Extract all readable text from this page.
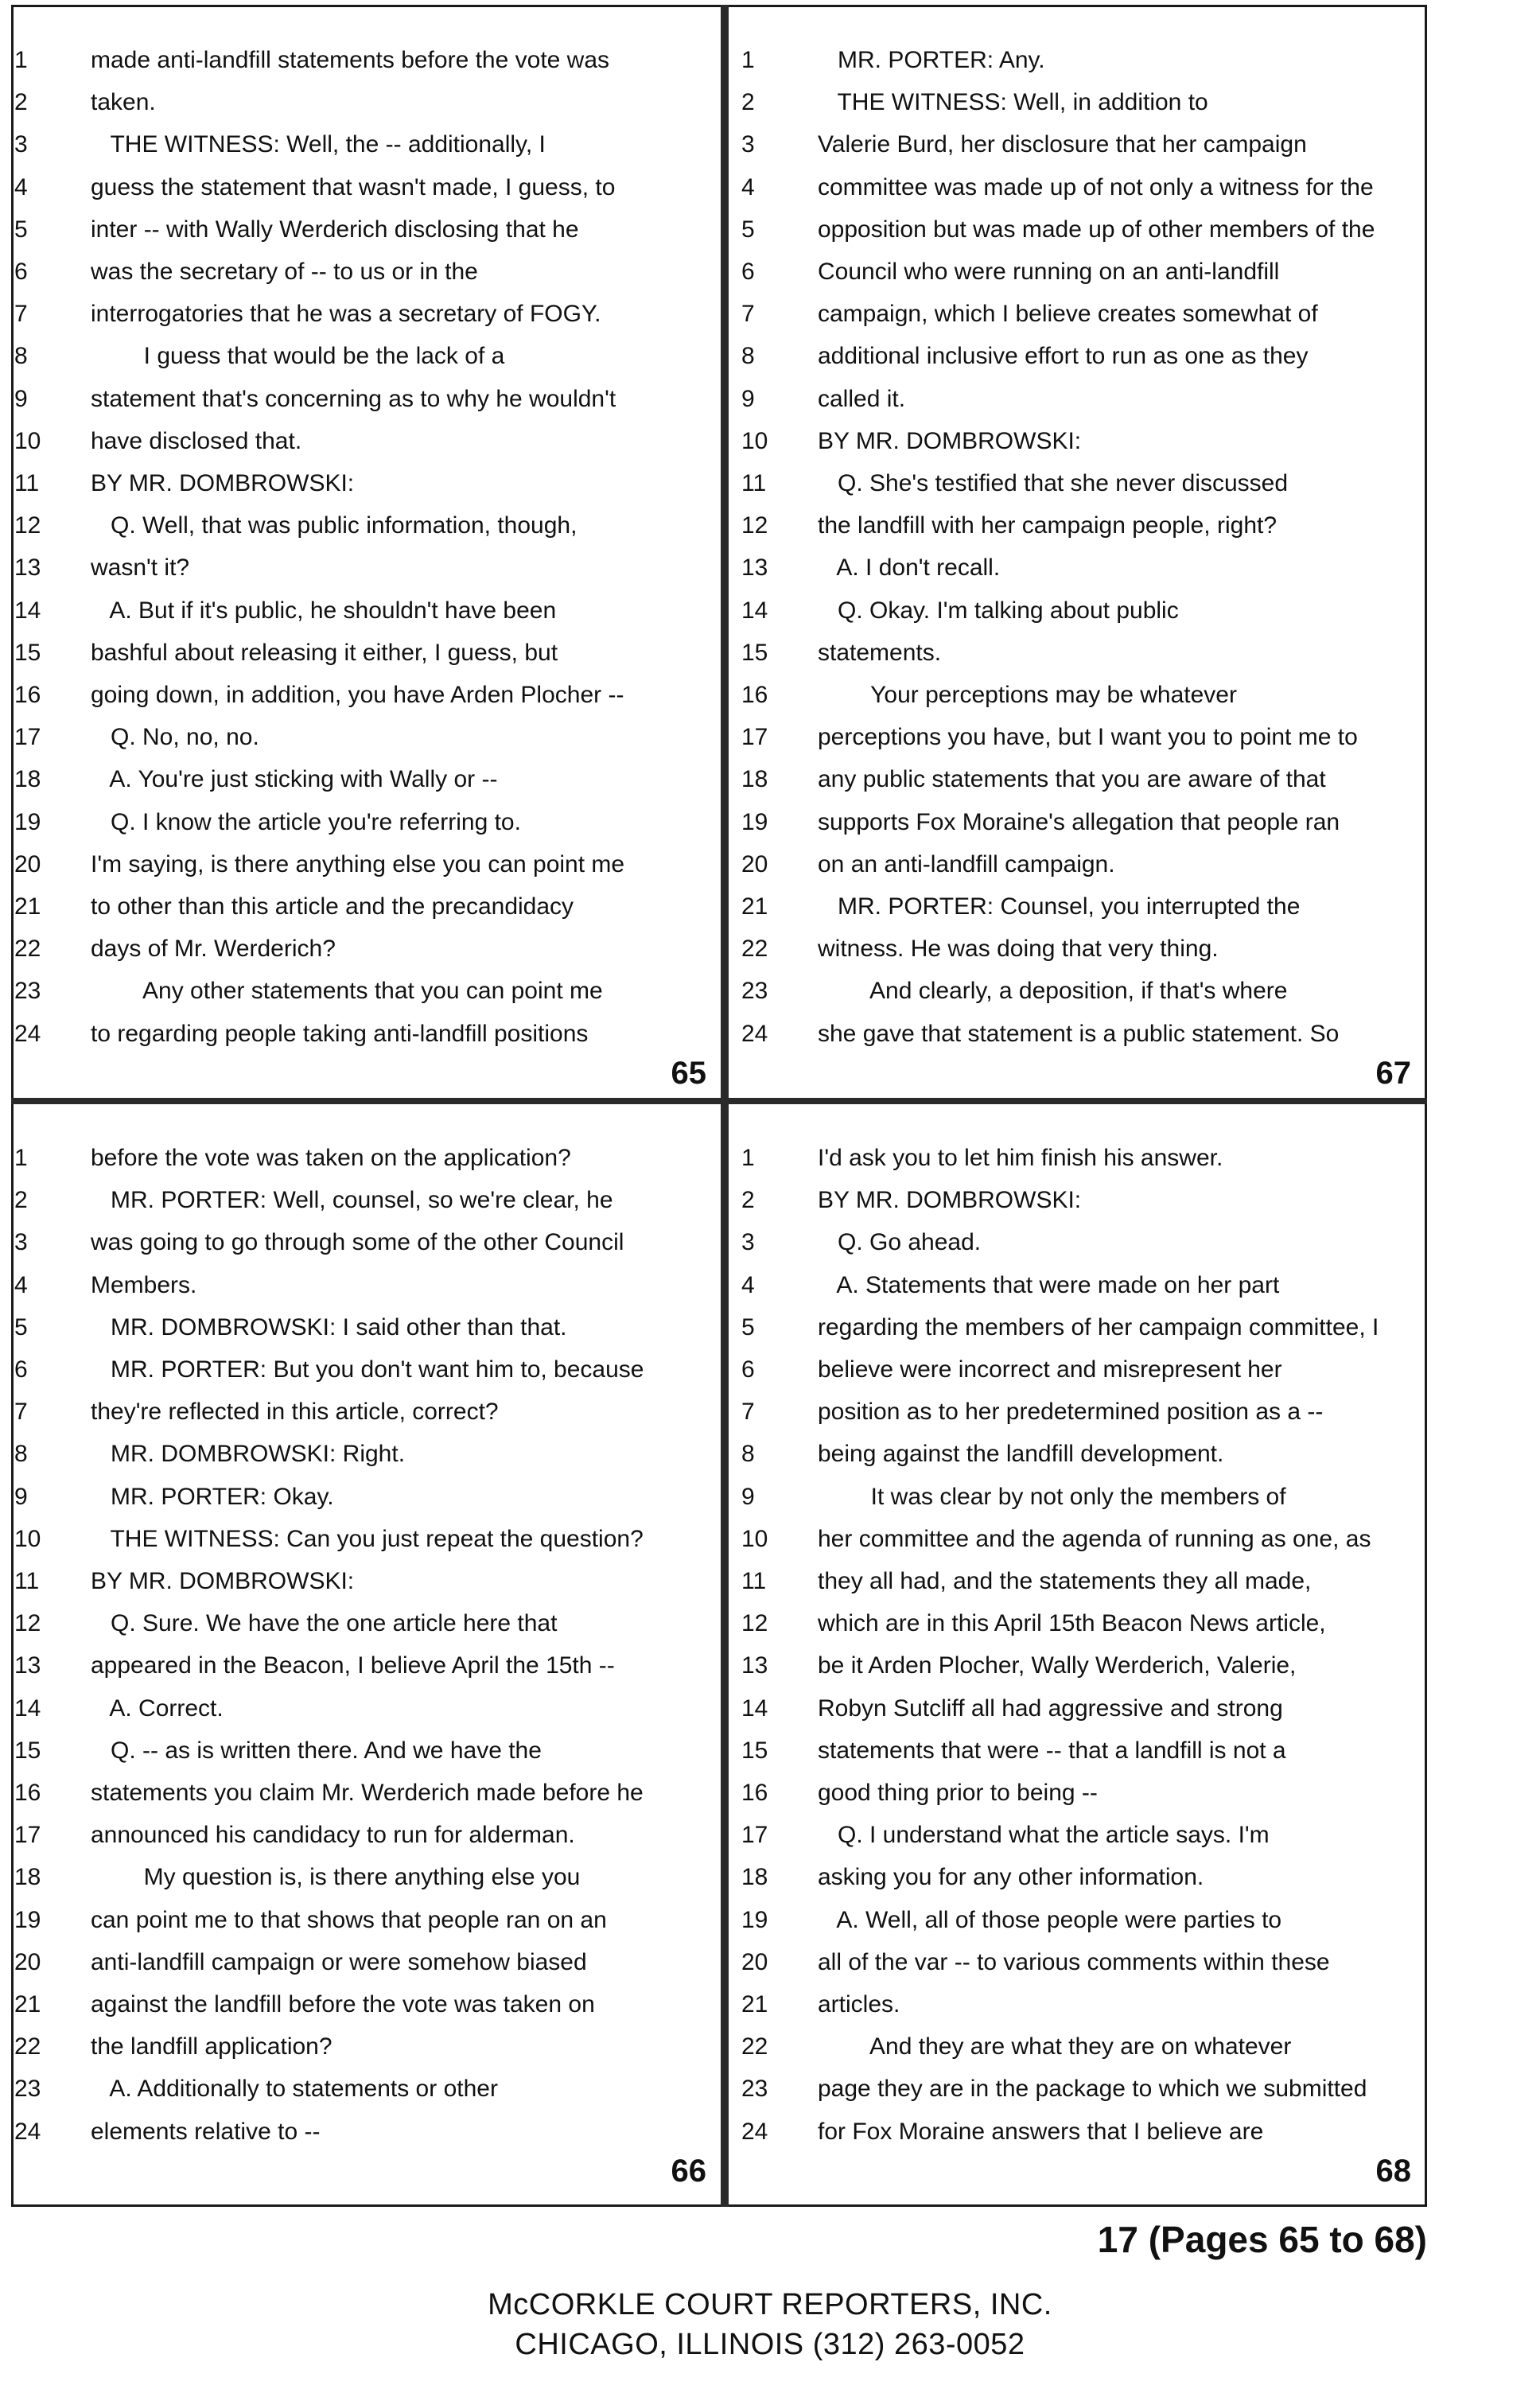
1	made anti-landfill statements before the vote was
2	taken.
3	THE WITNESS: Well, the -- additionally, I
4	guess the statement that wasn't made, I guess, to
5	inter -- with Wally Werderich disclosing that he
6	was the secretary of -- to us or in the
7	interrogatories that he was a secretary of FOGY.
8	I guess that would be the lack of a
9	statement that's concerning as to why he wouldn't
10	have disclosed that.
11	BY MR. DOMBROWSKI:
12	Q. Well, that was public information, though,
13	wasn't it?
14	A. But if it's public, he shouldn't have been
15	bashful about releasing it either, I guess, but
16	going down, in addition, you have Arden Plocher --
17	Q. No, no, no.
18	A. You're just sticking with Wally or --
19	Q. I know the article you're referring to.
20	I'm saying, is there anything else you can point me
21	to other than this article and the precandidacy
22	days of Mr. Werderich?
23	Any other statements that you can point me
24	to regarding people taking anti-landfill positions
65
1	MR. PORTER: Any.
2	THE WITNESS: Well, in addition to
3	Valerie Burd, her disclosure that her campaign
4	committee was made up of not only a witness for the
5	opposition but was made up of other members of the
6	Council who were running on an anti-landfill
7	campaign, which I believe creates somewhat of
8	additional inclusive effort to run as one as they
9	called it.
10	BY MR. DOMBROWSKI:
11	Q. She's testified that she never discussed
12	the landfill with her campaign people, right?
13	A. I don't recall.
14	Q. Okay. I'm talking about public
15	statements.
16	Your perceptions may be whatever
17	perceptions you have, but I want you to point me to
18	any public statements that you are aware of that
19	supports Fox Moraine's allegation that people ran
20	on an anti-landfill campaign.
21	MR. PORTER: Counsel, you interrupted the
22	witness. He was doing that very thing.
23	And clearly, a deposition, if that's where
24	she gave that statement is a public statement. So
67
1	before the vote was taken on the application?
2	MR. PORTER: Well, counsel, so we're clear, he
3	was going to go through some of the other Council
4	Members.
5	MR. DOMBROWSKI: I said other than that.
6	MR. PORTER: But you don't want him to, because
7	they're reflected in this article, correct?
8	MR. DOMBROWSKI: Right.
9	MR. PORTER: Okay.
10	THE WITNESS: Can you just repeat the question?
11	BY MR. DOMBROWSKI:
12	Q. Sure. We have the one article here that
13	appeared in the Beacon, I believe April the 15th --
14	A. Correct.
15	Q. -- as is written there. And we have the
16	statements you claim Mr. Werderich made before he
17	announced his candidacy to run for alderman.
18	My question is, is there anything else you
19	can point me to that shows that people ran on an
20	anti-landfill campaign or were somehow biased
21	against the landfill before the vote was taken on
22	the landfill application?
23	A. Additionally to statements or other
24	elements relative to --
66
1	I'd ask you to let him finish his answer.
2	BY MR. DOMBROWSKI:
3	Q. Go ahead.
4	A. Statements that were made on her part
5	regarding the members of her campaign committee, I
6	believe were incorrect and misrepresent her
7	position as to her predetermined position as a --
8	being against the landfill development.
9	It was clear by not only the members of
10	her committee and the agenda of running as one, as
11	they all had, and the statements they all made,
12	which are in this April 15th Beacon News article,
13	be it Arden Plocher, Wally Werderich, Valerie,
14	Robyn Sutcliff all had aggressive and strong
15	statements that were -- that a landfill is not a
16	good thing prior to being --
17	Q. I understand what the article says. I'm
18	asking you for any other information.
19	A. Well, all of those people were parties to
20	all of the var -- to various comments within these
21	articles.
22	And they are what they are on whatever
23	page they are in the package to which we submitted
24	for Fox Moraine answers that I believe are
68
17 (Pages 65 to 68)
McCORKLE COURT REPORTERS, INC.
CHICAGO, ILLINOIS (312) 263-0052
